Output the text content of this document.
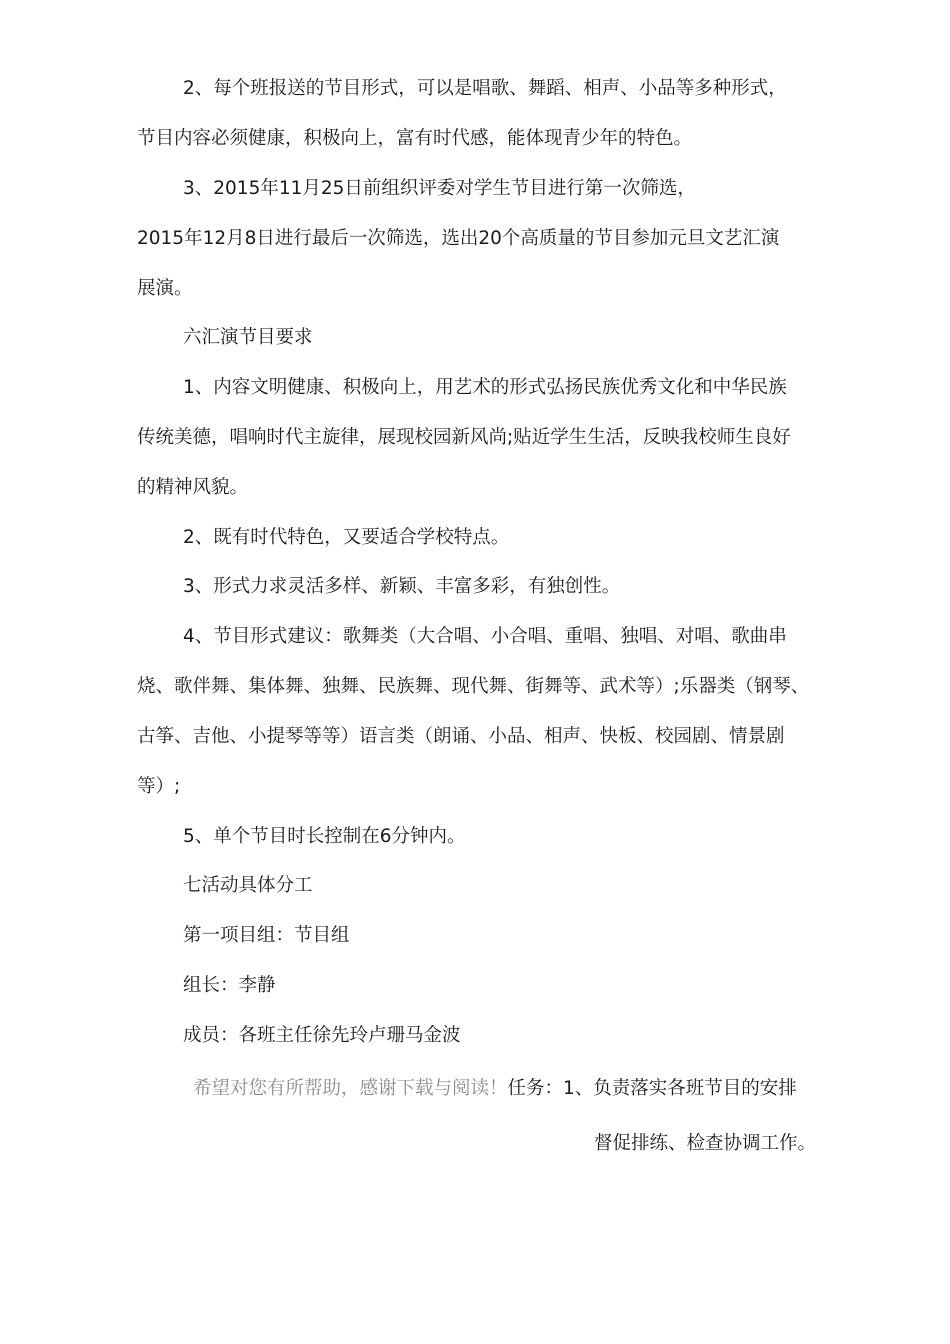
2、每个班报送的节目形式，可以是唱歌、舞蹈、相声、小品等多种形式，

节目内容必须健康，积极向上，富有时代感，能体现青少年的特色。

3、2015年11月25日前组织评委对学生节目进行第一次筛选，

2015年12月8日进行最后一次筛选，选出20个高质量的节目参加元旦文艺汇演

展演。

六汇演节目要求

1、内容文明健康、积极向上，用艺术的形式弘扬民族优秀文化和中华民族

传统美德，唱响时代主旋律，展现校园新风尚;贴近学生生活，反映我校师生良好

的精神风貌。

2、既有时代特色，又要适合学校特点。

3、形式力求灵活多样、新颖、丰富多彩，有独创性。

4、节目形式建议：歌舞类（大合唱、小合唱、重唱、独唱、对唱、歌曲串

烧、歌伴舞、集体舞、独舞、民族舞、现代舞、街舞等、武术等）;乐器类（钢琴、

古筝、吉他、小提琴等等）语言类（朗诵、小品、相声、快板、校园剧、情景剧

等）;

5、单个节目时长控制在6分钟内。

七活动具体分工

第一项目组：节目组

组长：李静

成员：各班主任徐先玲卢珊马金波

希望对您有所帮助，感谢下载与阅读！任务：1、负责落实各班节目的安排

督促排练、检查协调工作。
